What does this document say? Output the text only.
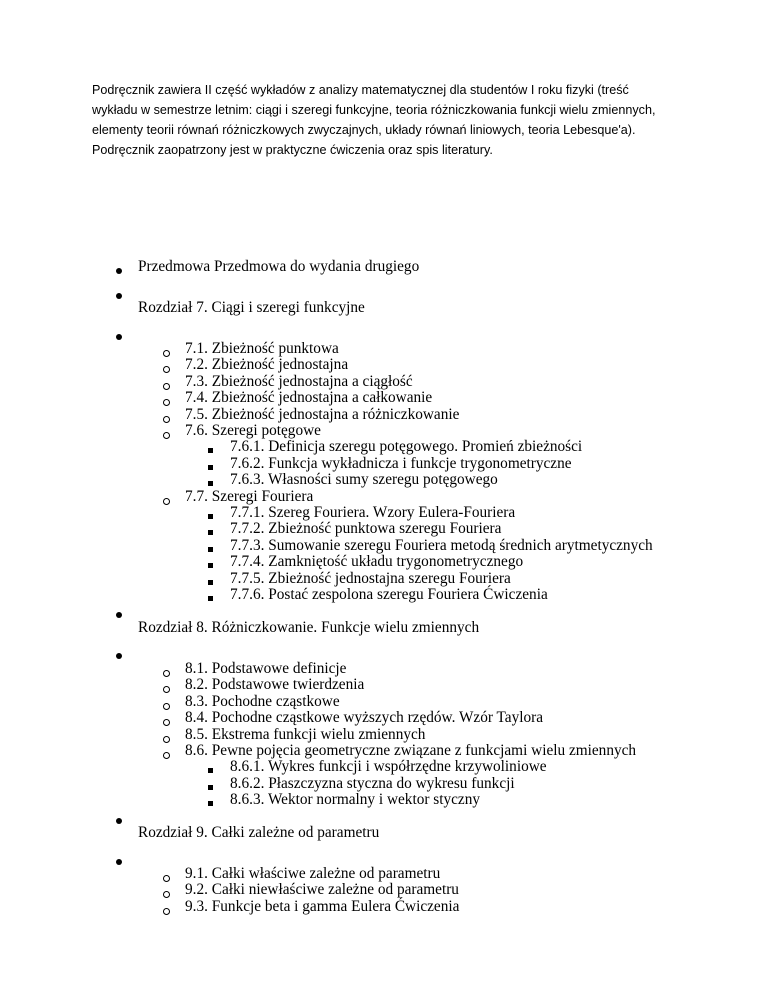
Podręcznik zawiera II część wykładów z analizy matematycznej dla studentów I roku fizyki (treść
wykładu w semestrze letnim: ciągi i szeregi funkcyjne, teoria różniczkowania funkcji wielu zmiennych,
elementy teorii równań różniczkowych zwyczajnych, układy równań liniowych, teoria Lebesque'a).
Podręcznik zaopatrzony jest w praktyczne ćwiczenia oraz spis literatury.
Przedmowa Przedmowa do wydania drugiego
Rozdział 7. Ciągi i szeregi funkcyjne
7.1. Zbieżność punktowa
7.2. Zbieżność jednostajna
7.3. Zbieżność jednostajna a ciągłość
7.4. Zbieżność jednostajna a całkowanie
7.5. Zbieżność jednostajna a różniczkowanie
7.6. Szeregi potęgowe
7.6.1. Definicja szeregu potęgowego. Promień zbieżności
7.6.2. Funkcja wykładnicza i funkcje trygonometryczne
7.6.3. Własności sumy szeregu potęgowego
7.7. Szeregi Fouriera
7.7.1. Szereg Fouriera. Wzory Eulera-Fouriera
7.7.2. Zbieżność punktowa szeregu Fouriera
7.7.3. Sumowanie szeregu Fouriera metodą średnich arytmetycznych
7.7.4. Zamkniętość układu trygonometrycznego
7.7.5. Zbieżność jednostajna szeregu Fouriera
7.7.6. Postać zespolona szeregu Fouriera Ćwiczenia
Rozdział 8. Różniczkowanie. Funkcje wielu zmiennych
8.1. Podstawowe definicje
8.2. Podstawowe twierdzenia
8.3. Pochodne cząstkowe
8.4. Pochodne cząstkowe wyższych rzędów. Wzór Taylora
8.5. Ekstrema funkcji wielu zmiennych
8.6. Pewne pojęcia geometryczne związane z funkcjami wielu zmiennych
8.6.1. Wykres funkcji i współrzędne krzywoliniowe
8.6.2. Płaszczyzna styczna do wykresu funkcji
8.6.3. Wektor normalny i wektor styczny
Rozdział 9. Całki zależne od parametru
9.1. Całki właściwe zależne od parametru
9.2. Całki niewłaściwe zależne od parametru
9.3. Funkcje beta i gamma Eulera Ćwiczenia
